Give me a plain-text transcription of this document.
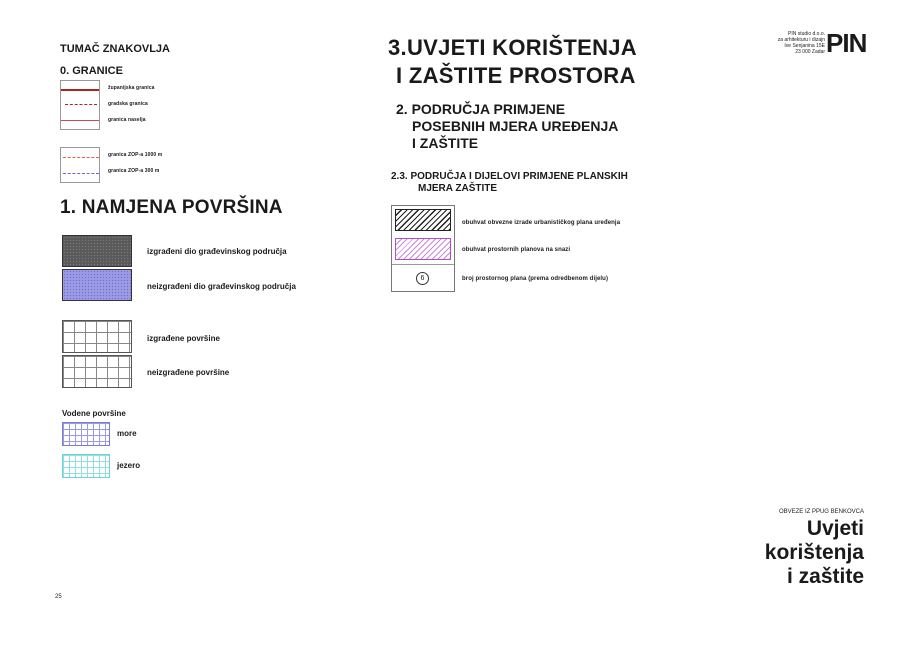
TUMAČ ZNAKOVLJA
0. GRANICE
županijska granica
gradska granica
granica naselja
granica ZOP-a 1000 m
granica ZOP-a 300 m
1. NAMJENA POVRŠINA
izgrađeni dio građevinskog područja
neizgrađeni dio građevinskog područja
izgrađene površine
neizgrađene površine
Vodene površine
more
jezero
3.UVJETI KORIŠTENJA
I ZAŠTITE PROSTORA
2. PODRUČJA PRIMJENE
POSEBNIH MJERA UREĐENJA
I ZAŠTITE
2.3. PODRUČJA I DIJELOVI PRIMJENE PLANSKIH
MJERA ZAŠTITE
6
obuhvat obvezne izrade urbanističkog plana uređenja
obuhvat prostornih planova na snazi
broj prostornog plana (prema odredbenom dijelu)
PIN studio d.o.o.
za arhitekturu i dizajn
Ive Senjanina 15E
23 000 Zadar PIN
OBVEZE IZ PPUG BENKOVCA
Uvjeti
korištenja
i zaštite
25
